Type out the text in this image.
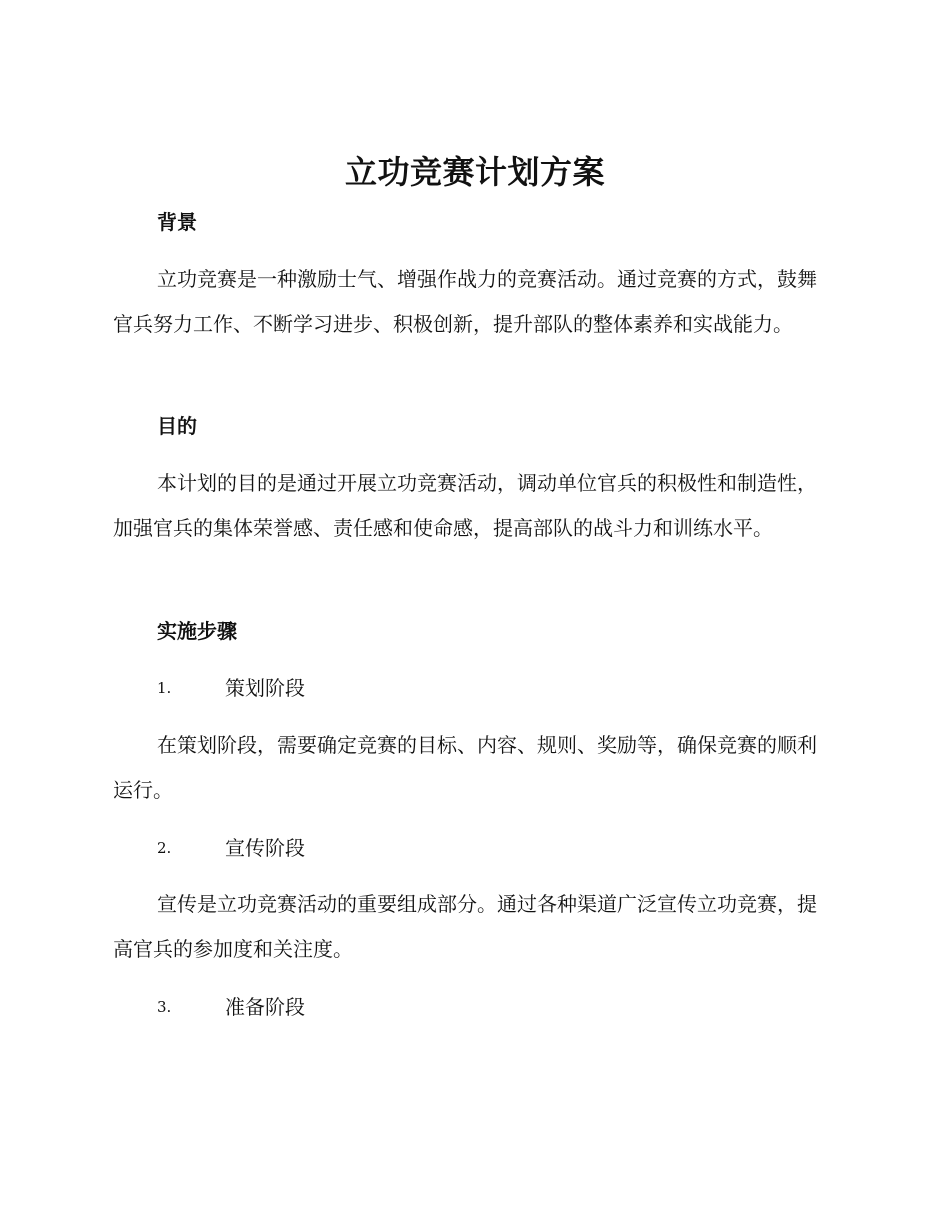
立功竞赛计划方案
背景

立功竞赛是一种激励士气、增强作战力的竞赛活动。通过竞赛的方式，鼓舞官兵努力工作、不断学习进步、积极创新，提升部队的整体素养和实战能力。

目的

本计划的目的是通过开展立功竞赛活动，调动单位官兵的积极性和制造性，加强官兵的集体荣誉感、责任感和使命感，提高部队的战斗力和训练水平。

实施步骤
1.	策划阶段

在策划阶段，需要确定竞赛的目标、内容、规则、奖励等，确保竞赛的顺利运行。

2.	宣传阶段

宣传是立功竞赛活动的重要组成部分。通过各种渠道广泛宣传立功竞赛，提高官兵的参加度和关注度。

3.	准备阶段
